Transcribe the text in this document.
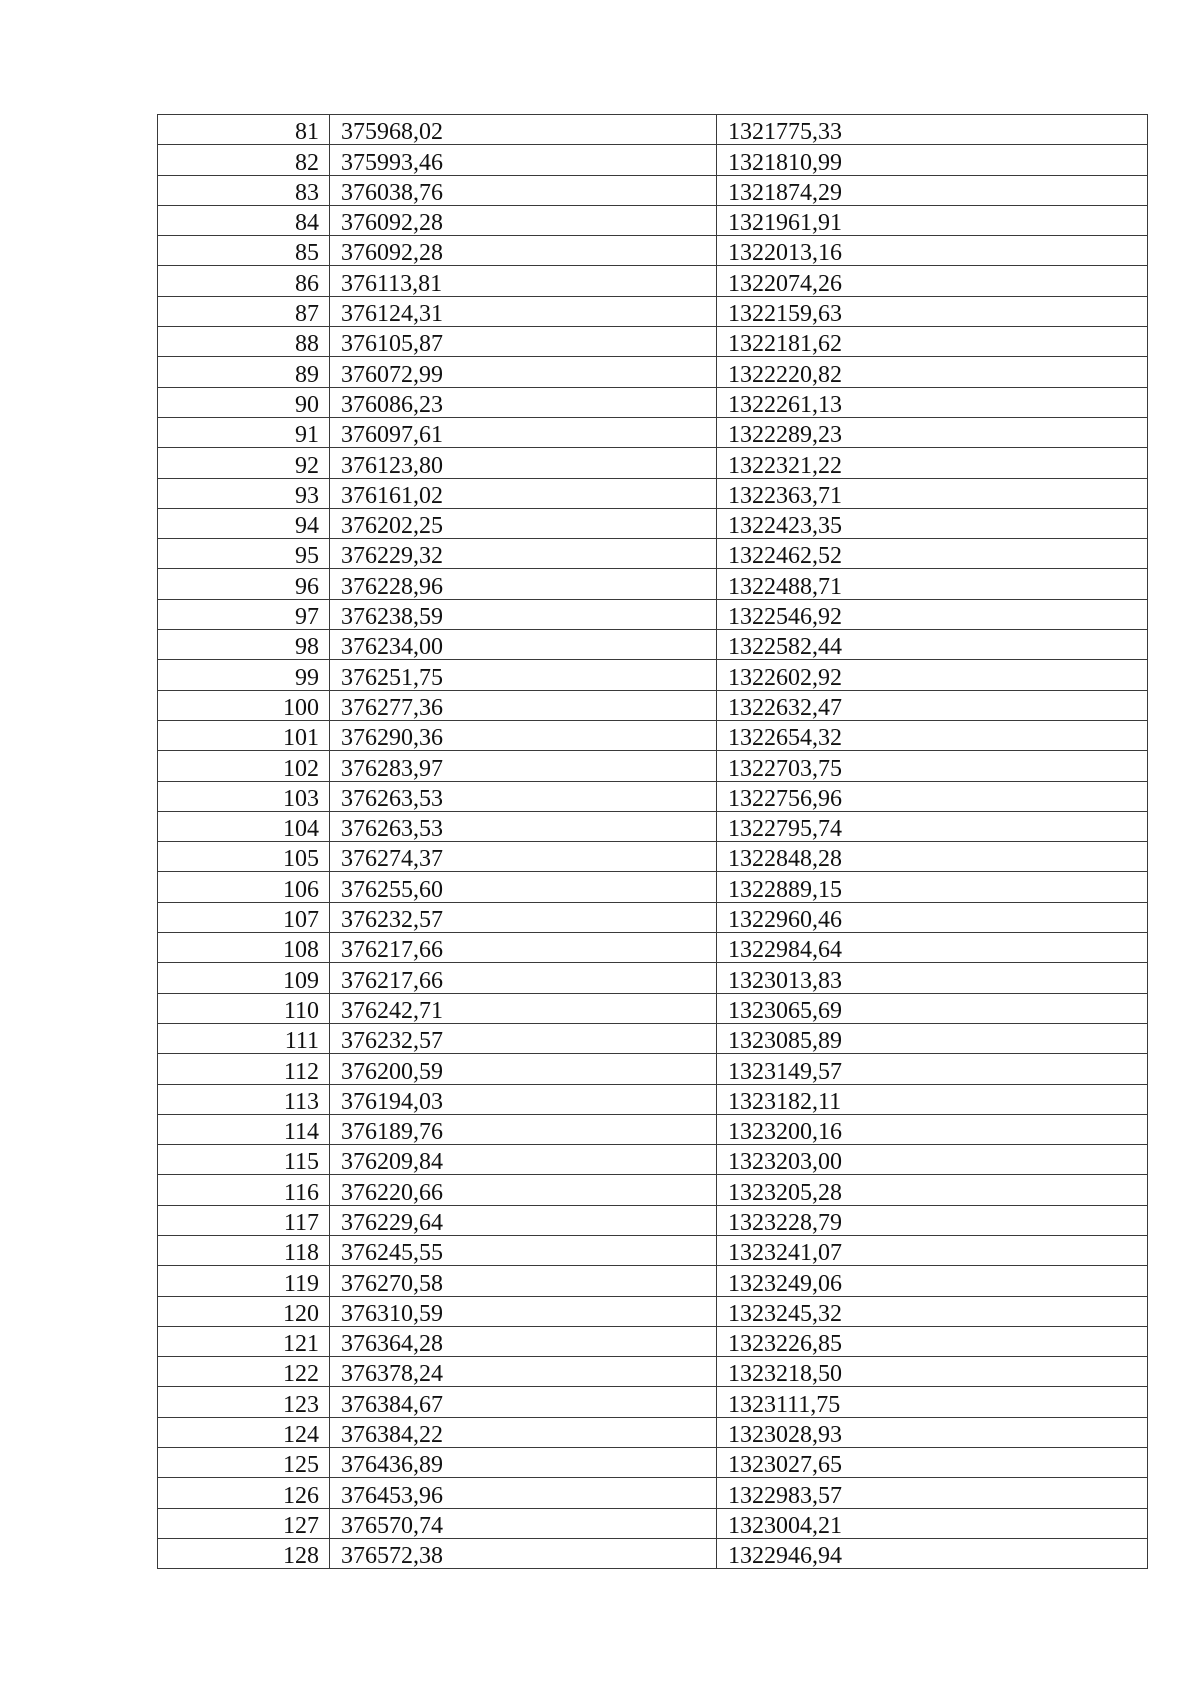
81	375968,02	1321775,33
82	375993,46	1321810,99
83	376038,76	1321874,29
84	376092,28	1321961,91
85	376092,28	1322013,16
86	376113,81	1322074,26
87	376124,31	1322159,63
88	376105,87	1322181,62
89	376072,99	1322220,82
90	376086,23	1322261,13
91	376097,61	1322289,23
92	376123,80	1322321,22
93	376161,02	1322363,71
94	376202,25	1322423,35
95	376229,32	1322462,52
96	376228,96	1322488,71
97	376238,59	1322546,92
98	376234,00	1322582,44
99	376251,75	1322602,92
100	376277,36	1322632,47
101	376290,36	1322654,32
102	376283,97	1322703,75
103	376263,53	1322756,96
104	376263,53	1322795,74
105	376274,37	1322848,28
106	376255,60	1322889,15
107	376232,57	1322960,46
108	376217,66	1322984,64
109	376217,66	1323013,83
110	376242,71	1323065,69
111	376232,57	1323085,89
112	376200,59	1323149,57
113	376194,03	1323182,11
114	376189,76	1323200,16
115	376209,84	1323203,00
116	376220,66	1323205,28
117	376229,64	1323228,79
118	376245,55	1323241,07
119	376270,58	1323249,06
120	376310,59	1323245,32
121	376364,28	1323226,85
122	376378,24	1323218,50
123	376384,67	1323111,75
124	376384,22	1323028,93
125	376436,89	1323027,65
126	376453,96	1322983,57
127	376570,74	1323004,21
128	376572,38	1322946,94
